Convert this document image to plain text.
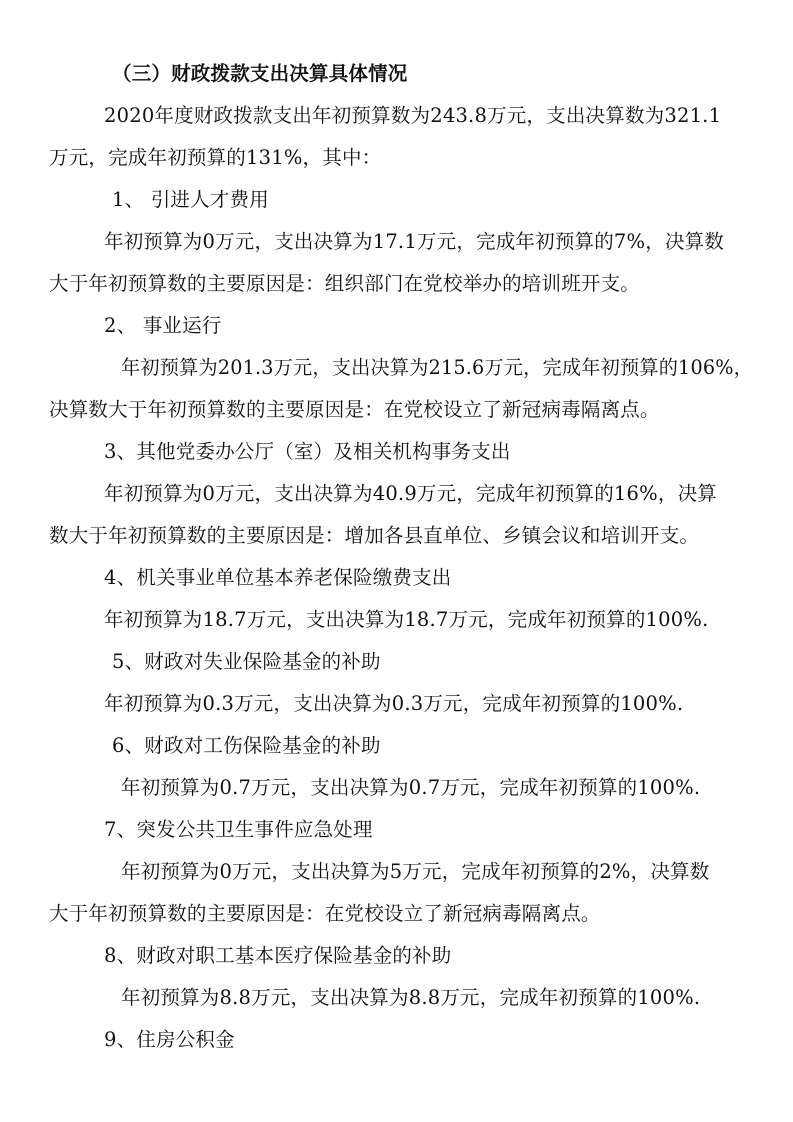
（三）财政拨款支出决算具体情况
2020年度财政拨款支出年初预算数为243.8万元，支出决算数为321.1
万元，完成年初预算的131%，其中：
1、 引进人才费用
年初预算为0万元，支出决算为17.1万元，完成年初预算的7%，决算数
大于年初预算数的主要原因是：组织部门在党校举办的培训班开支。
2、 事业运行
年初预算为201.3万元，支出决算为215.6万元，完成年初预算的106%，
决算数大于年初预算数的主要原因是：在党校设立了新冠病毒隔离点。
3、其他党委办公厅（室）及相关机构事务支出
年初预算为0万元，支出决算为40.9万元，完成年初预算的16%，决算
数大于年初预算数的主要原因是：增加各县直单位、乡镇会议和培训开支。
4、机关事业单位基本养老保险缴费支出
年初预算为18.7万元，支出决算为18.7万元，完成年初预算的100%.
5、财政对失业保险基金的补助
年初预算为0.3万元，支出决算为0.3万元，完成年初预算的100%.
6、财政对工伤保险基金的补助
年初预算为0.7万元，支出决算为0.7万元，完成年初预算的100%.
7、突发公共卫生事件应急处理
年初预算为0万元，支出决算为5万元，完成年初预算的2%，决算数
大于年初预算数的主要原因是：在党校设立了新冠病毒隔离点。
8、财政对职工基本医疗保险基金的补助
年初预算为8.8万元，支出决算为8.8万元，完成年初预算的100%.
9、住房公积金
